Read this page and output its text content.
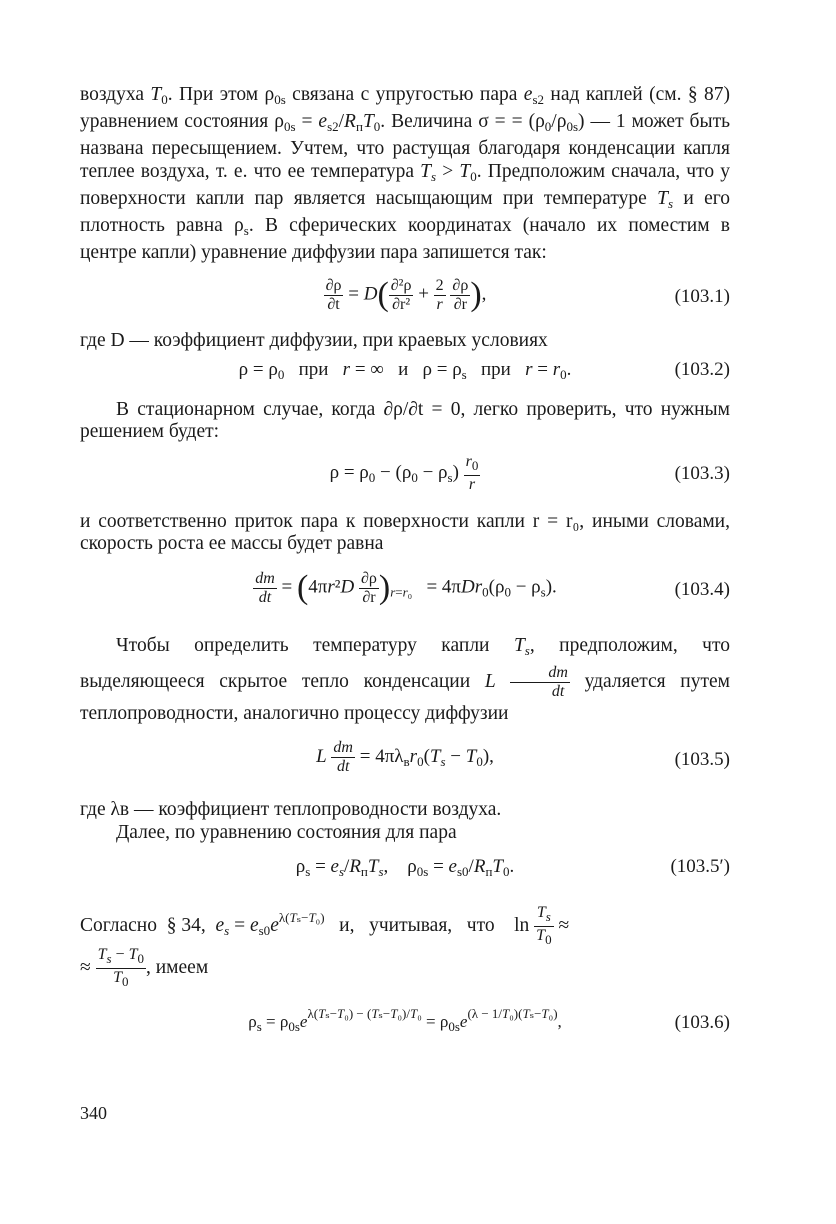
воздуха $T_0$. При этом $\rho_{0s}$ связана с упругостью пара $e_{s2}$ над каплей (см. § 87) уравнением состояния $\rho_{0s} = e_{s2}/R_пT_0$. Величина σ = = $(\rho_0/\rho_{0s})$ — 1 может быть названа пересыщением. Учтем, что растущая благодаря конденсации капля теплее воздуха, т. е. что ее температура $T_s > T_0$. Предположим сначала, что у поверхности капли пар является насыщающим при температуре $T_s$ и его плотность равна $\rho_s$. В сферических координатах (начало их поместим в центре капли) уравнение диффузии пара запишется так:

$\frac{\partial\rho}{\partial t} = D( \frac{\text{∂²ρ}}{\text{∂r²}} + \frac{2}{r}$
$\frac{\partial\rho}{\partial r}$ ),	(103.1)

где D — коэффициент диффузии, при краевых условиях

$\rho = \rho_0$   при   r = ∞   и   $\rho = \rho_s$   при   $r = r_0$.	(103.2)

В стационарном случае, когда ∂ρ/∂t = 0, легко проверить, что нужным решением будет:

$\rho = \rho_0 - (\rho_0 - \rho_s) \frac{r_0}{r}$	(103.3)

и соответственно приток пара к поверхности капли r = r₀, иными словами, скорость роста ее массы будет равна

$\frac{dm}{dt} = (4\pi r^2D \frac{\partial\rho}{\partial r} )_{r=r_0} = 4\pi Dr_0(\rho_0 - \rho_s)$.	(103.4)

Чтобы определить температуру капли $T_s$, предположим, что выделяющееся скрытое тепло конденсации L $\frac{dm}{dt}$ удаляется путем теплопроводности, аналогично процессу диффузии

L $\frac{dm}{dt} = 4\pi\lambda_вr_0(T_s - T_0)$,	(103.5)

где λв — коэффициент теплопроводности воздуха.

Далее, по уравнению состояния для пара

$\rho_s = e_s/R_пT_s$,    $\rho_{0s} = e_{s0}/R_пT_0$.	(103.5′)
Согласно  § 34,  $e_s = e_{s0}e^{\lambda(T_s-T_0)}$   и,   учитывая,   что    $\ln \frac{T_s}{T_0}$ ≈
≈ $\frac{T_s - T_0}{T_0}$ , имеем
$\rho_s = \rho_{0s}e^{\lambda(T_s-T_0) - (T_s-T_0)/T_0} = \rho_{0s}e^{(\lambda - 1/T_0)(T_s-T_0)}$,	(103.6)
340
